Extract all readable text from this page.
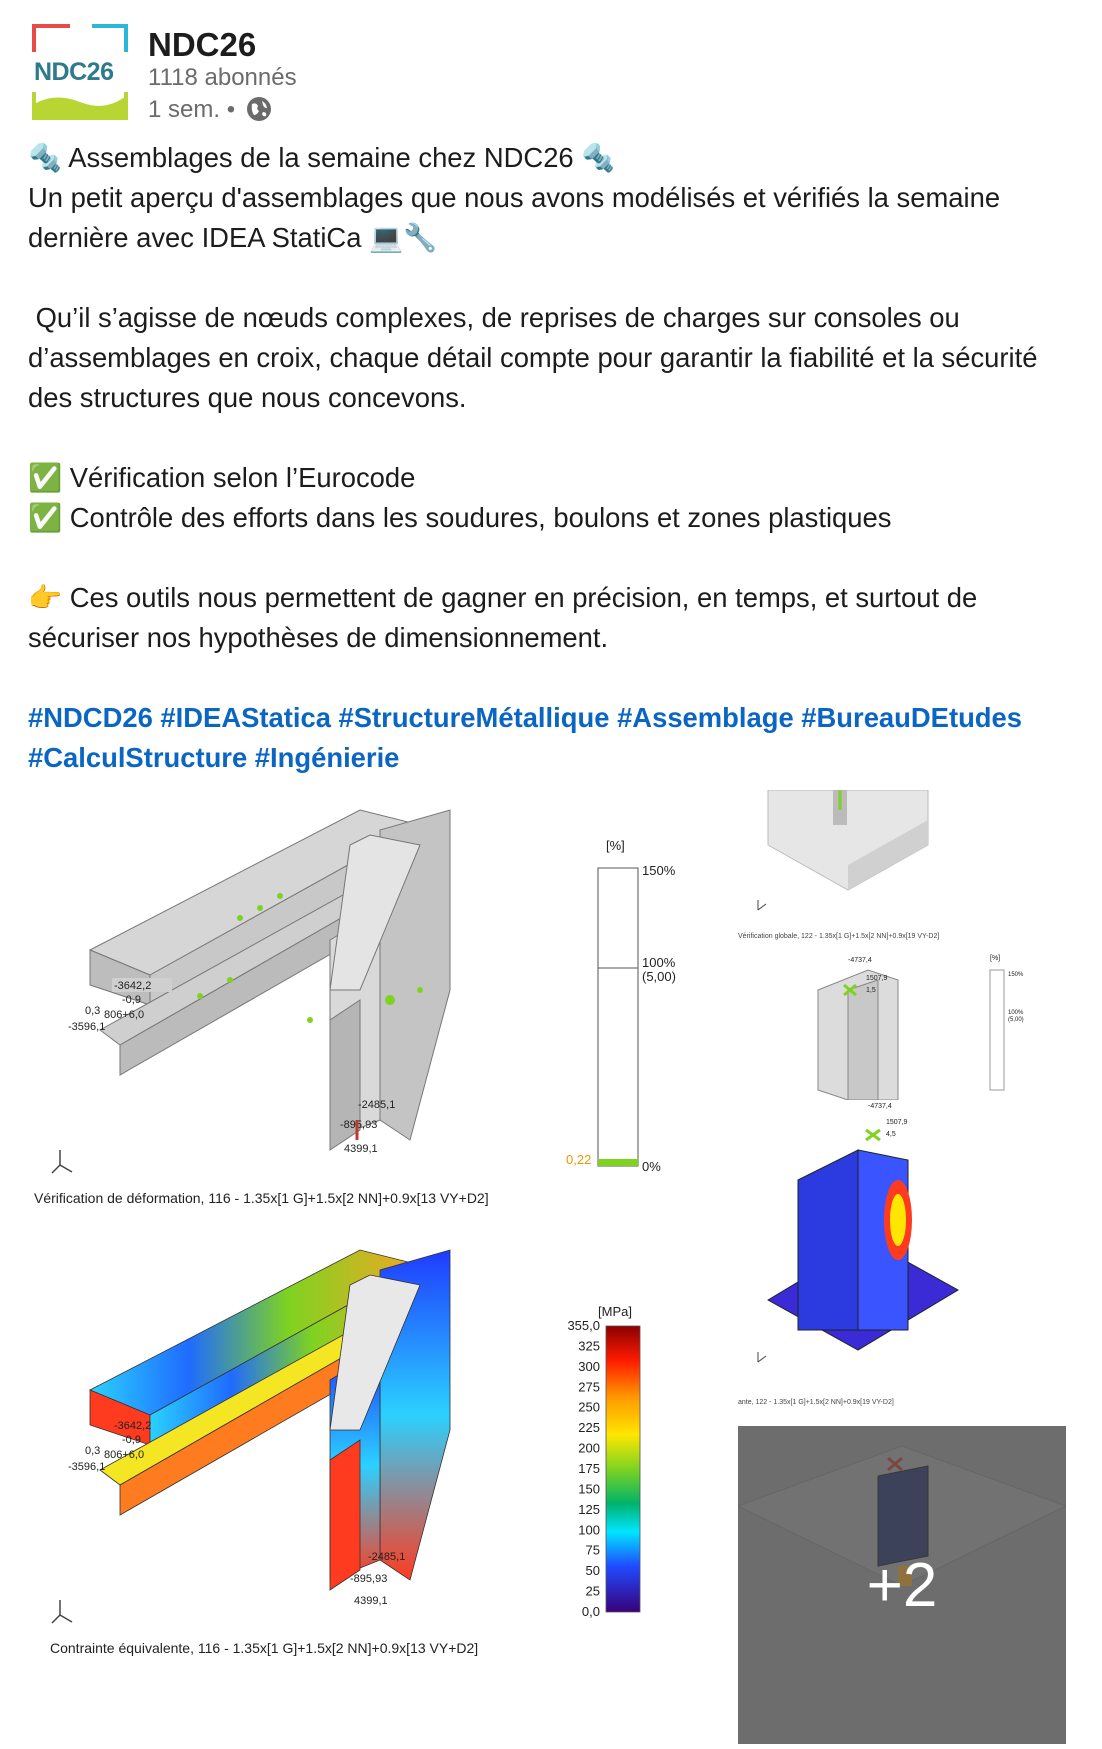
NDC26
NDC26
1118 abonnés
1 sem. •

🔩 Assemblages de la semaine chez NDC26 🔩

Un petit aperçu d'assemblages que nous avons modélisés et vérifiés la semaine dernière avec IDEA StatiCa 💻🔧

Qu’il s’agisse de nœuds complexes, de reprises de charges sur consoles ou d’assemblages en croix, chaque détail compte pour garantir la fiabilité et la sécurité des structures que nous concevons.

✅ Vérification selon l’Eurocode

✅ Contrôle des efforts dans les soudures, boulons et zones plastiques

👉 Ces outils nous permettent de gagner en précision, en temps, et surtout de sécuriser nos hypothèses de dimensionnement.

#NDCD26 #IDEAStatica #StructureMétallique #Assemblage #BureauDEtudes #CalculStructure #Ingénierie

-3642,2
-0,9
0,3 806+6,0
-3596,1
-2485,1
-895,93
4399,1
Vérification de déformation, 116 - 1.35x[1 G]+1.5x[2 NN]+0.9x[13 VY+D2]
[%]
150%
100%
(5,00)
0%
0,22
-3642,2
-0,9
0,3 806+6,0
-3596,1
-2485,1
-895,93
4399,1
Contrainte équivalente, 116 - 1.35x[1 G]+1.5x[2 NN]+0.9x[13 VY+D2]
[MPa]
355,0
325
300
275
250
225
200
175
150
125
100
75
50
25
0,0
Vérification globale, 122 - 1.35x[1 G]+1.5x[2 NN]+0.9x[19 VY-D2]
-4737,4
1507,9
1,5
[%]
150%
100%
(5,00)
-4737,4
1507,9
4,5
ante, 122 - 1.35x[1 G]+1.5x[2 NN]+0.9x[19 VY-D2]
+2
